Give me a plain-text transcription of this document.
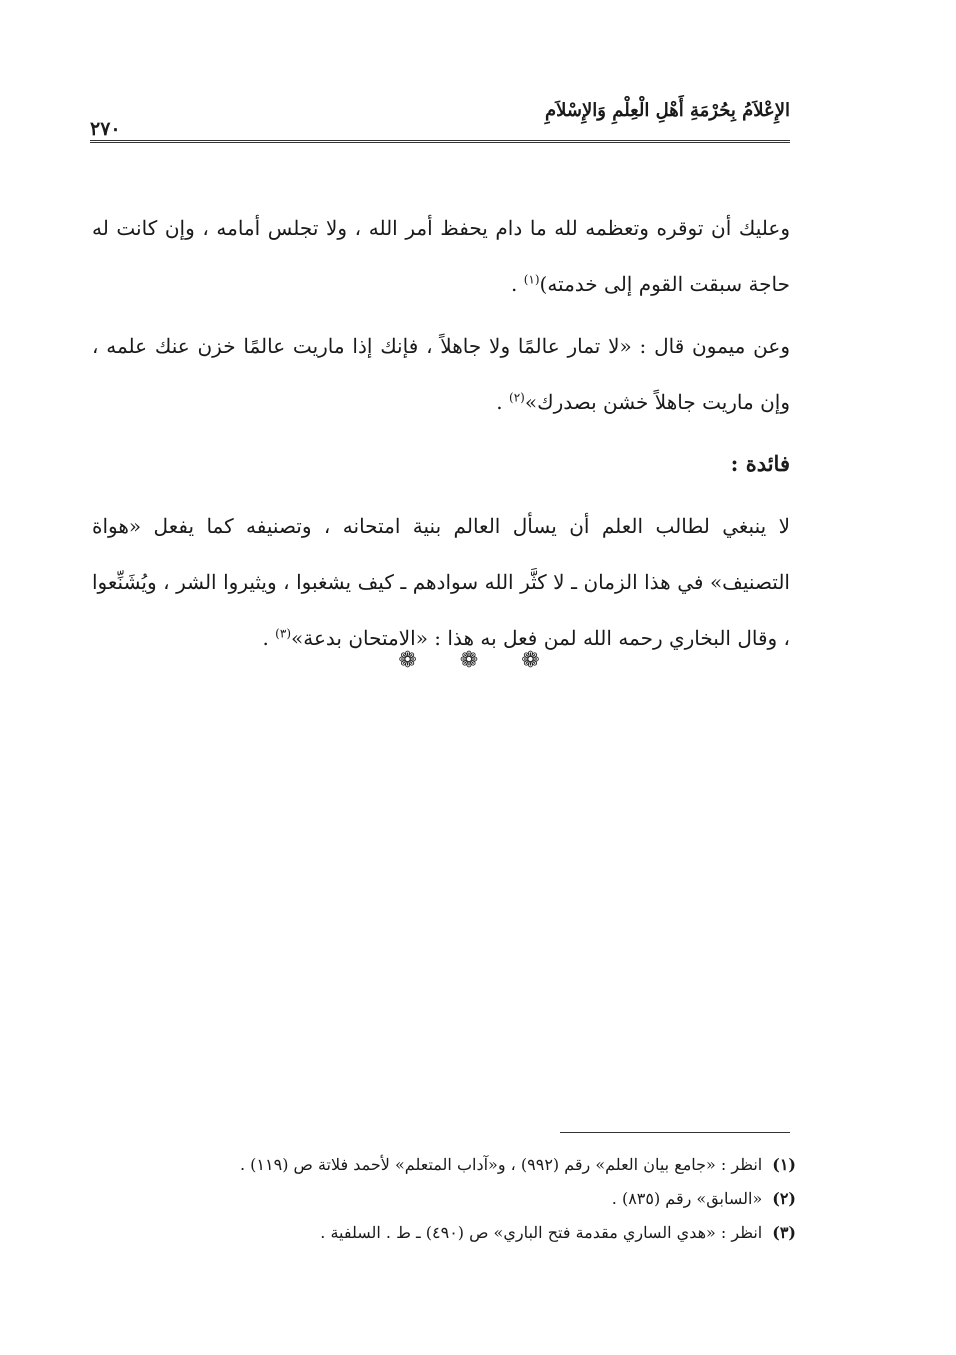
الإِعْلاَمُ بِحُرْمَةِ أَهْلِ الْعِلْمِ وَالإِسْلاَمِ
٢٧٠

وعليك أن توقره وتعظمه لله ما دام يحفظ أمر الله ، ولا تجلس أمامه ، وإن كانت له حاجة سبقت القوم إلى خدمته)$^{(١)}$ .

وعن ميمون قال : «لا تمار عالمًا ولا جاهلاً ، فإنك إذا ماريت عالمًا خزن عنك علمه ، وإن ماريت جاهلاً خشن بصدرك»$^{(٢)}$ .

فائدة :

لا ينبغي لطالب العلم أن يسأل العالم بنية امتحانه ، وتصنيفه كما يفعل «هواة التصنيف» في هذا الزمان ـ لا كثَّر الله سوادهم ـ كيف يشغبوا ، ويثيروا الشر ، ويُشَنِّعوا ، وقال البخاري رحمه الله لمن فعل به هذا : «الامتحان بدعة»$^{(٣)}$ .

❁ ❁ ❁
(١)انظر : «جامع بيان العلم» رقم (٩٩٢) ، و«آداب المتعلم» لأحمد فلاتة ص (١١٩) .
(٢)«السابق» رقم (٨٣٥) .
(٣)انظر : «هدي الساري مقدمة فتح الباري» ص (٤٩٠) ـ ط . السلفية .
